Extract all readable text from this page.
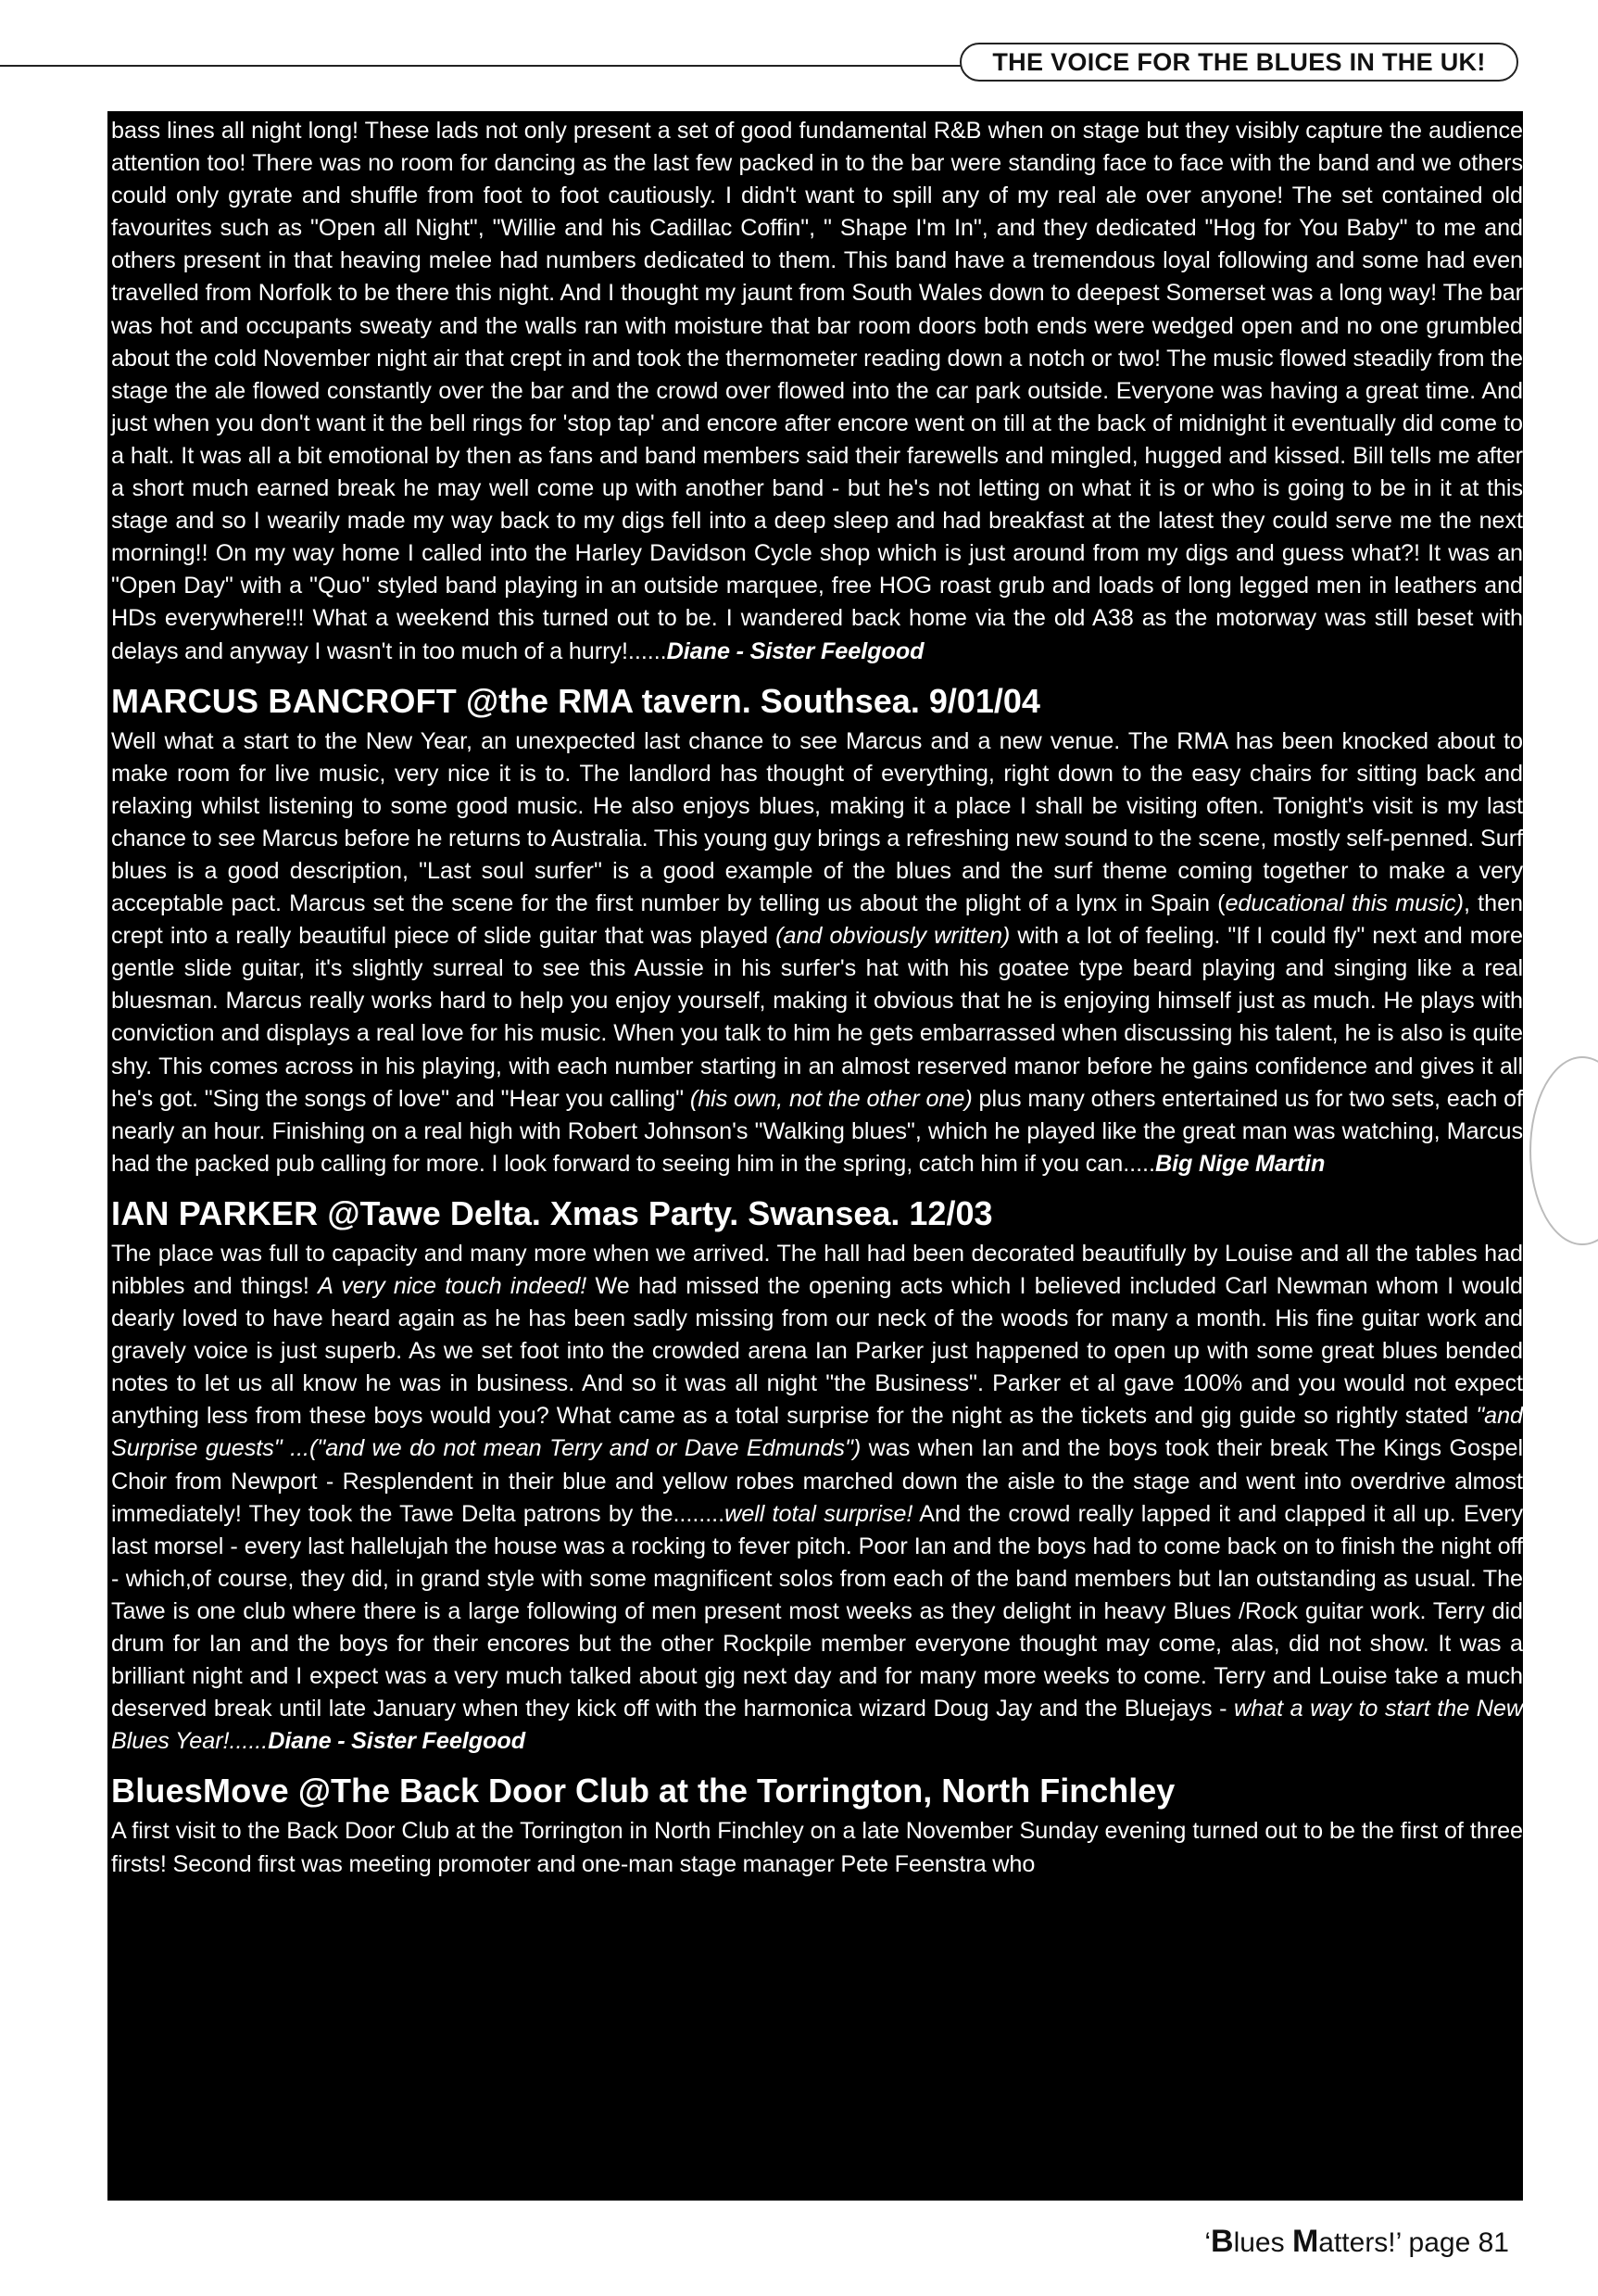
THE VOICE FOR THE BLUES IN THE UK!

bass lines all night long! These lads not only present a set of good fundamental R&B when on stage but they visibly capture the audience attention too! There was no room for dancing as the last few packed in to the bar were standing face to face with the band and we others could only gyrate and shuffle from foot to foot cautiously. I didn't want to spill any of my real ale over anyone! The set contained old favourites such as "Open all Night", "Willie and his Cadillac Coffin", " Shape I'm In", and they dedicated "Hog for You Baby" to me and others present in that heaving melee had numbers dedicated to them. This band have a tremendous loyal following and some had even travelled from Norfolk to be there this night. And I thought my jaunt from South Wales down to deepest Somerset was a long way! The bar was hot and occupants sweaty and the walls ran with moisture that bar room doors both ends were wedged open and no one grumbled about the cold November night air that crept in and took the thermometer reading down a notch or two! The music flowed steadily from the stage the ale flowed constantly over the bar and the crowd over flowed into the car park outside. Everyone was having a great time. And just when you don't want it the bell rings for 'stop tap' and encore after encore went on till at the back of midnight it eventually did come to a halt. It was all a bit emotional by then as fans and band members said their farewells and mingled, hugged and kissed. Bill tells me after a short much earned break he may well come up with another band - but he's not letting on what it is or who is going to be in it at this stage and so I wearily made my way back to my digs fell into a deep sleep and had breakfast at the latest they could serve me the next morning!! On my way home I called into the Harley Davidson Cycle shop which is just around from my digs and guess what?! It was an "Open Day" with a "Quo" styled band playing in an outside marquee, free HOG roast grub and loads of long legged men in leathers and HDs everywhere!!! What a weekend this turned out to be. I wandered back home via the old A38 as the motorway was still beset with delays and anyway I wasn't in too much of a hurry!......Diane - Sister Feelgood

MARCUS BANCROFT @the RMA tavern. Southsea. 9/01/04

Well what a start to the New Year, an unexpected last chance to see Marcus and a new venue. The RMA has been knocked about to make room for live music, very nice it is to. The landlord has thought of everything, right down to the easy chairs for sitting back and relaxing whilst listening to some good music. He also enjoys blues, making it a place I shall be visiting often. Tonight's visit is my last chance to see Marcus before he returns to Australia. This young guy brings a refreshing new sound to the scene, mostly self-penned. Surf blues is a good description, "Last soul surfer" is a good example of the blues and the surf theme coming together to make a very acceptable pact. Marcus set the scene for the first number by telling us about the plight of a lynx in Spain (educational this music), then crept into a really beautiful piece of slide guitar that was played (and obviously written) with a lot of feeling. "If I could fly" next and more gentle slide guitar, it's slightly surreal to see this Aussie in his surfer's hat with his goatee type beard playing and singing like a real bluesman. Marcus really works hard to help you enjoy yourself, making it obvious that he is enjoying himself just as much. He plays with conviction and displays a real love for his music. When you talk to him he gets embarrassed when discussing his talent, he is also is quite shy. This comes across in his playing, with each number starting in an almost reserved manor before he gains confidence and gives it all he's got. "Sing the songs of love" and "Hear you calling" (his own, not the other one) plus many others entertained us for two sets, each of nearly an hour. Finishing on a real high with Robert Johnson's "Walking blues", which he played like the great man was watching, Marcus had the packed pub calling for more. I look forward to seeing him in the spring, catch him if you can.....Big Nige Martin

IAN PARKER @Tawe Delta. Xmas Party. Swansea. 12/03

The place was full to capacity and many more when we arrived. The hall had been decorated beautifully by Louise and all the tables had nibbles and things! A very nice touch indeed! We had missed the opening acts which I believed included Carl Newman whom I would dearly loved to have heard again as he has been sadly missing from our neck of the woods for many a month. His fine guitar work and gravely voice is just superb. As we set foot into the crowded arena Ian Parker just happened to open up with some great blues bended notes to let us all know he was in business. And so it was all night "the Business". Parker et al gave 100% and you would not expect anything less from these boys would you? What came as a total surprise for the night as the tickets and gig guide so rightly stated "and Surprise guests" ...("and we do not mean Terry and or Dave Edmunds") was when Ian and the boys took their break The Kings Gospel Choir from Newport - Resplendent in their blue and yellow robes marched down the aisle to the stage and went into overdrive almost immediately! They took the Tawe Delta patrons by the........well total surprise! And the crowd really lapped it and clapped it all up. Every last morsel - every last hallelujah the house was a rocking to fever pitch. Poor Ian and the boys had to come back on to finish the night off - which,of course, they did, in grand style with some magnificent solos from each of the band members but Ian outstanding as usual. The Tawe is one club where there is a large following of men present most weeks as they delight in heavy Blues /Rock guitar work. Terry did drum for Ian and the boys for their encores but the other Rockpile member everyone thought may come, alas, did not show. It was a brilliant night and I expect was a very much talked about gig next day and for many more weeks to come. Terry and Louise take a much deserved break until late January when they kick off with the harmonica wizard Doug Jay and the Bluejays - what a way to start the New Blues Year!......Diane - Sister Feelgood

BluesMove @The Back Door Club at the Torrington, North Finchley

A first visit to the Back Door Club at the Torrington in North Finchley on a late November Sunday evening turned out to be the first of three firsts! Second first was meeting promoter and one-man stage manager Pete Feenstra who

‘Blues Matters!’ page 81
